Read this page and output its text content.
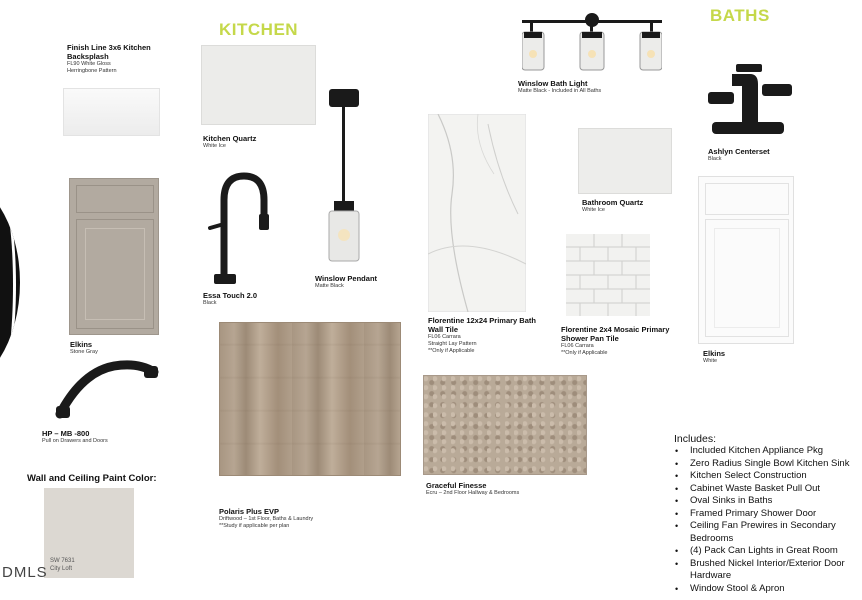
KITCHEN
BATHS
Finish Line 3x6 Kitchen Backsplash
FL90 White Gloss
Herringbone Pattern
Kitchen Quartz
White Ice
Winslow Pendant
Matte Black
Winslow Bath Light
Matte Black - Included in All Baths
Ashlyn Centerset
Black
Elkins
Stone Gray
Essa Touch 2.0
Black
Florentine 12x24 Primary Bath Wall Tile
FL06 Carrara
Straight Lay Pattern
**Only if Applicable
Bathroom Quartz
White Ice
Florentine 2x4 Mosaic Primary Shower Pan Tile
FL06 Carrara
**Only if Applicable	Elkins
White
HP – MB -800
Pull on Drawers and Doors
Polaris Plus EVP
Driftwood – 1st Floor, Baths & Laundry
**Study if applicable per plan
Graceful Finesse
Ecru – 2nd Floor Hallway & Bedrooms
Wall and Ceiling Paint Color:
SW 7631
City Loft
DMLS
Includes:
• Included Kitchen Appliance Pkg
• Zero Radius Single Bowl Kitchen Sink
• Kitchen Select Construction
• Cabinet Waste Basket Pull Out
• Oval Sinks in Baths
• Framed Primary Shower Door
• Ceiling Fan Prewires in Secondary Bedrooms
• (4) Pack Can Lights in Great Room
• Brushed Nickel Interior/Exterior Door Hardware
• Window Stool & Apron
